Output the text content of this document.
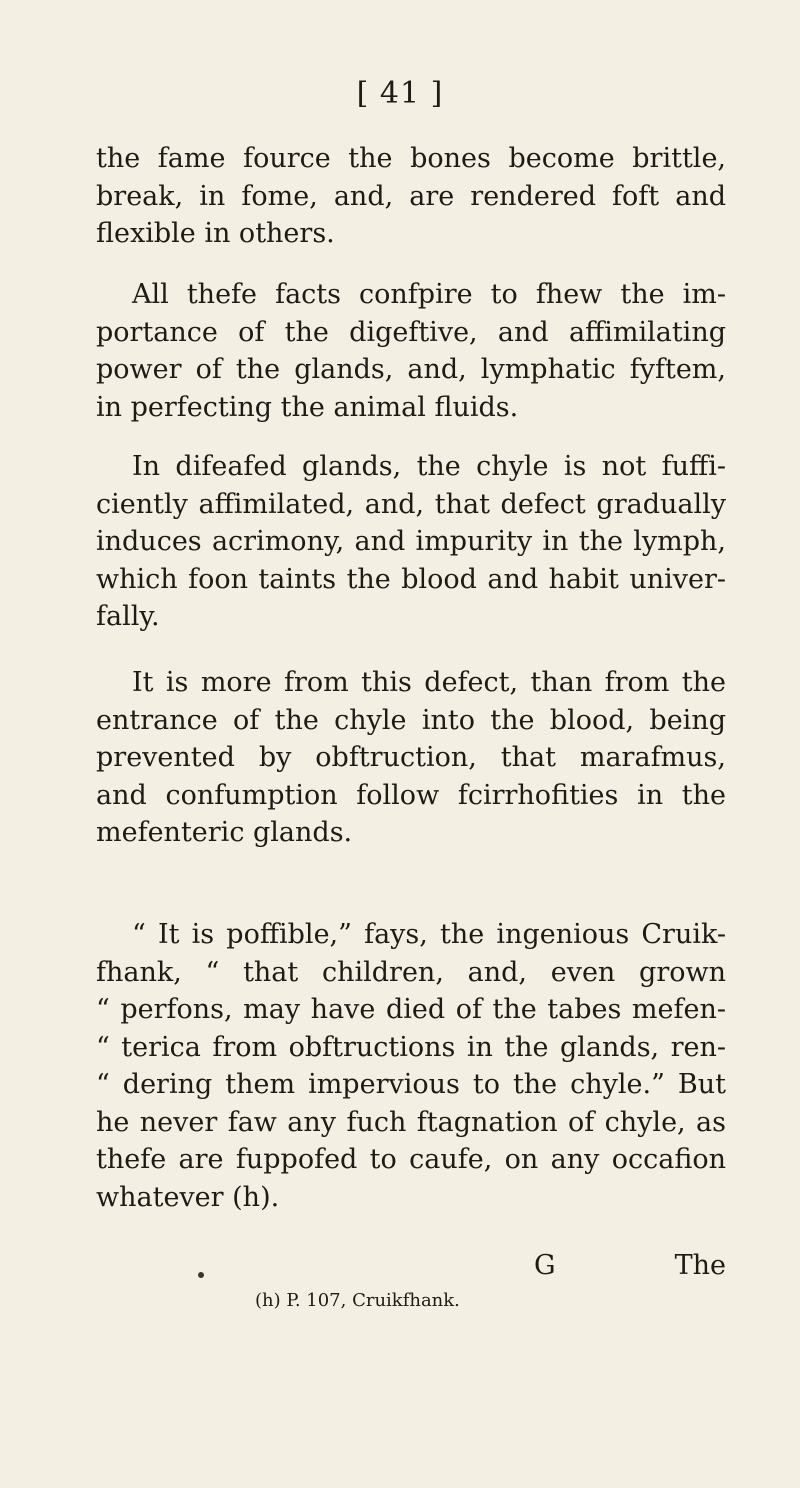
[ 41 ]
the fame fource the bones become brittle,
break, in fome, and, are rendered foft and
flexible in others.
All thefe facts confpire to fhew the im-
portance of the digeftive, and affimilating
power of the glands, and, lymphatic fyftem,
in perfecting the animal fluids.
In difeafed glands, the chyle is not fuffi-
ciently affimilated, and, that defect gradually
induces acrimony, and impurity in the lymph,
which foon taints the blood and habit univer-
fally.
It is more from this defect, than from the
entrance of the chyle into the blood, being
prevented by obftruction, that marafmus,
and confumption follow fcirrhofities in the
mefenteric glands.
“ It is poffible,” fays, the ingenious Cruik-
fhank, “ that children, and, even grown
“ perfons, may have died of the tabes mefen-
“ terica from obftructions in the glands, ren-
“ dering them impervious to the chyle.” But
he never faw any fuch ftagnation of chyle, as
thefe are fuppofed to caufe, on any occafion
whatever (h).
G	The
(h) P. 107, Cruikfhank.
